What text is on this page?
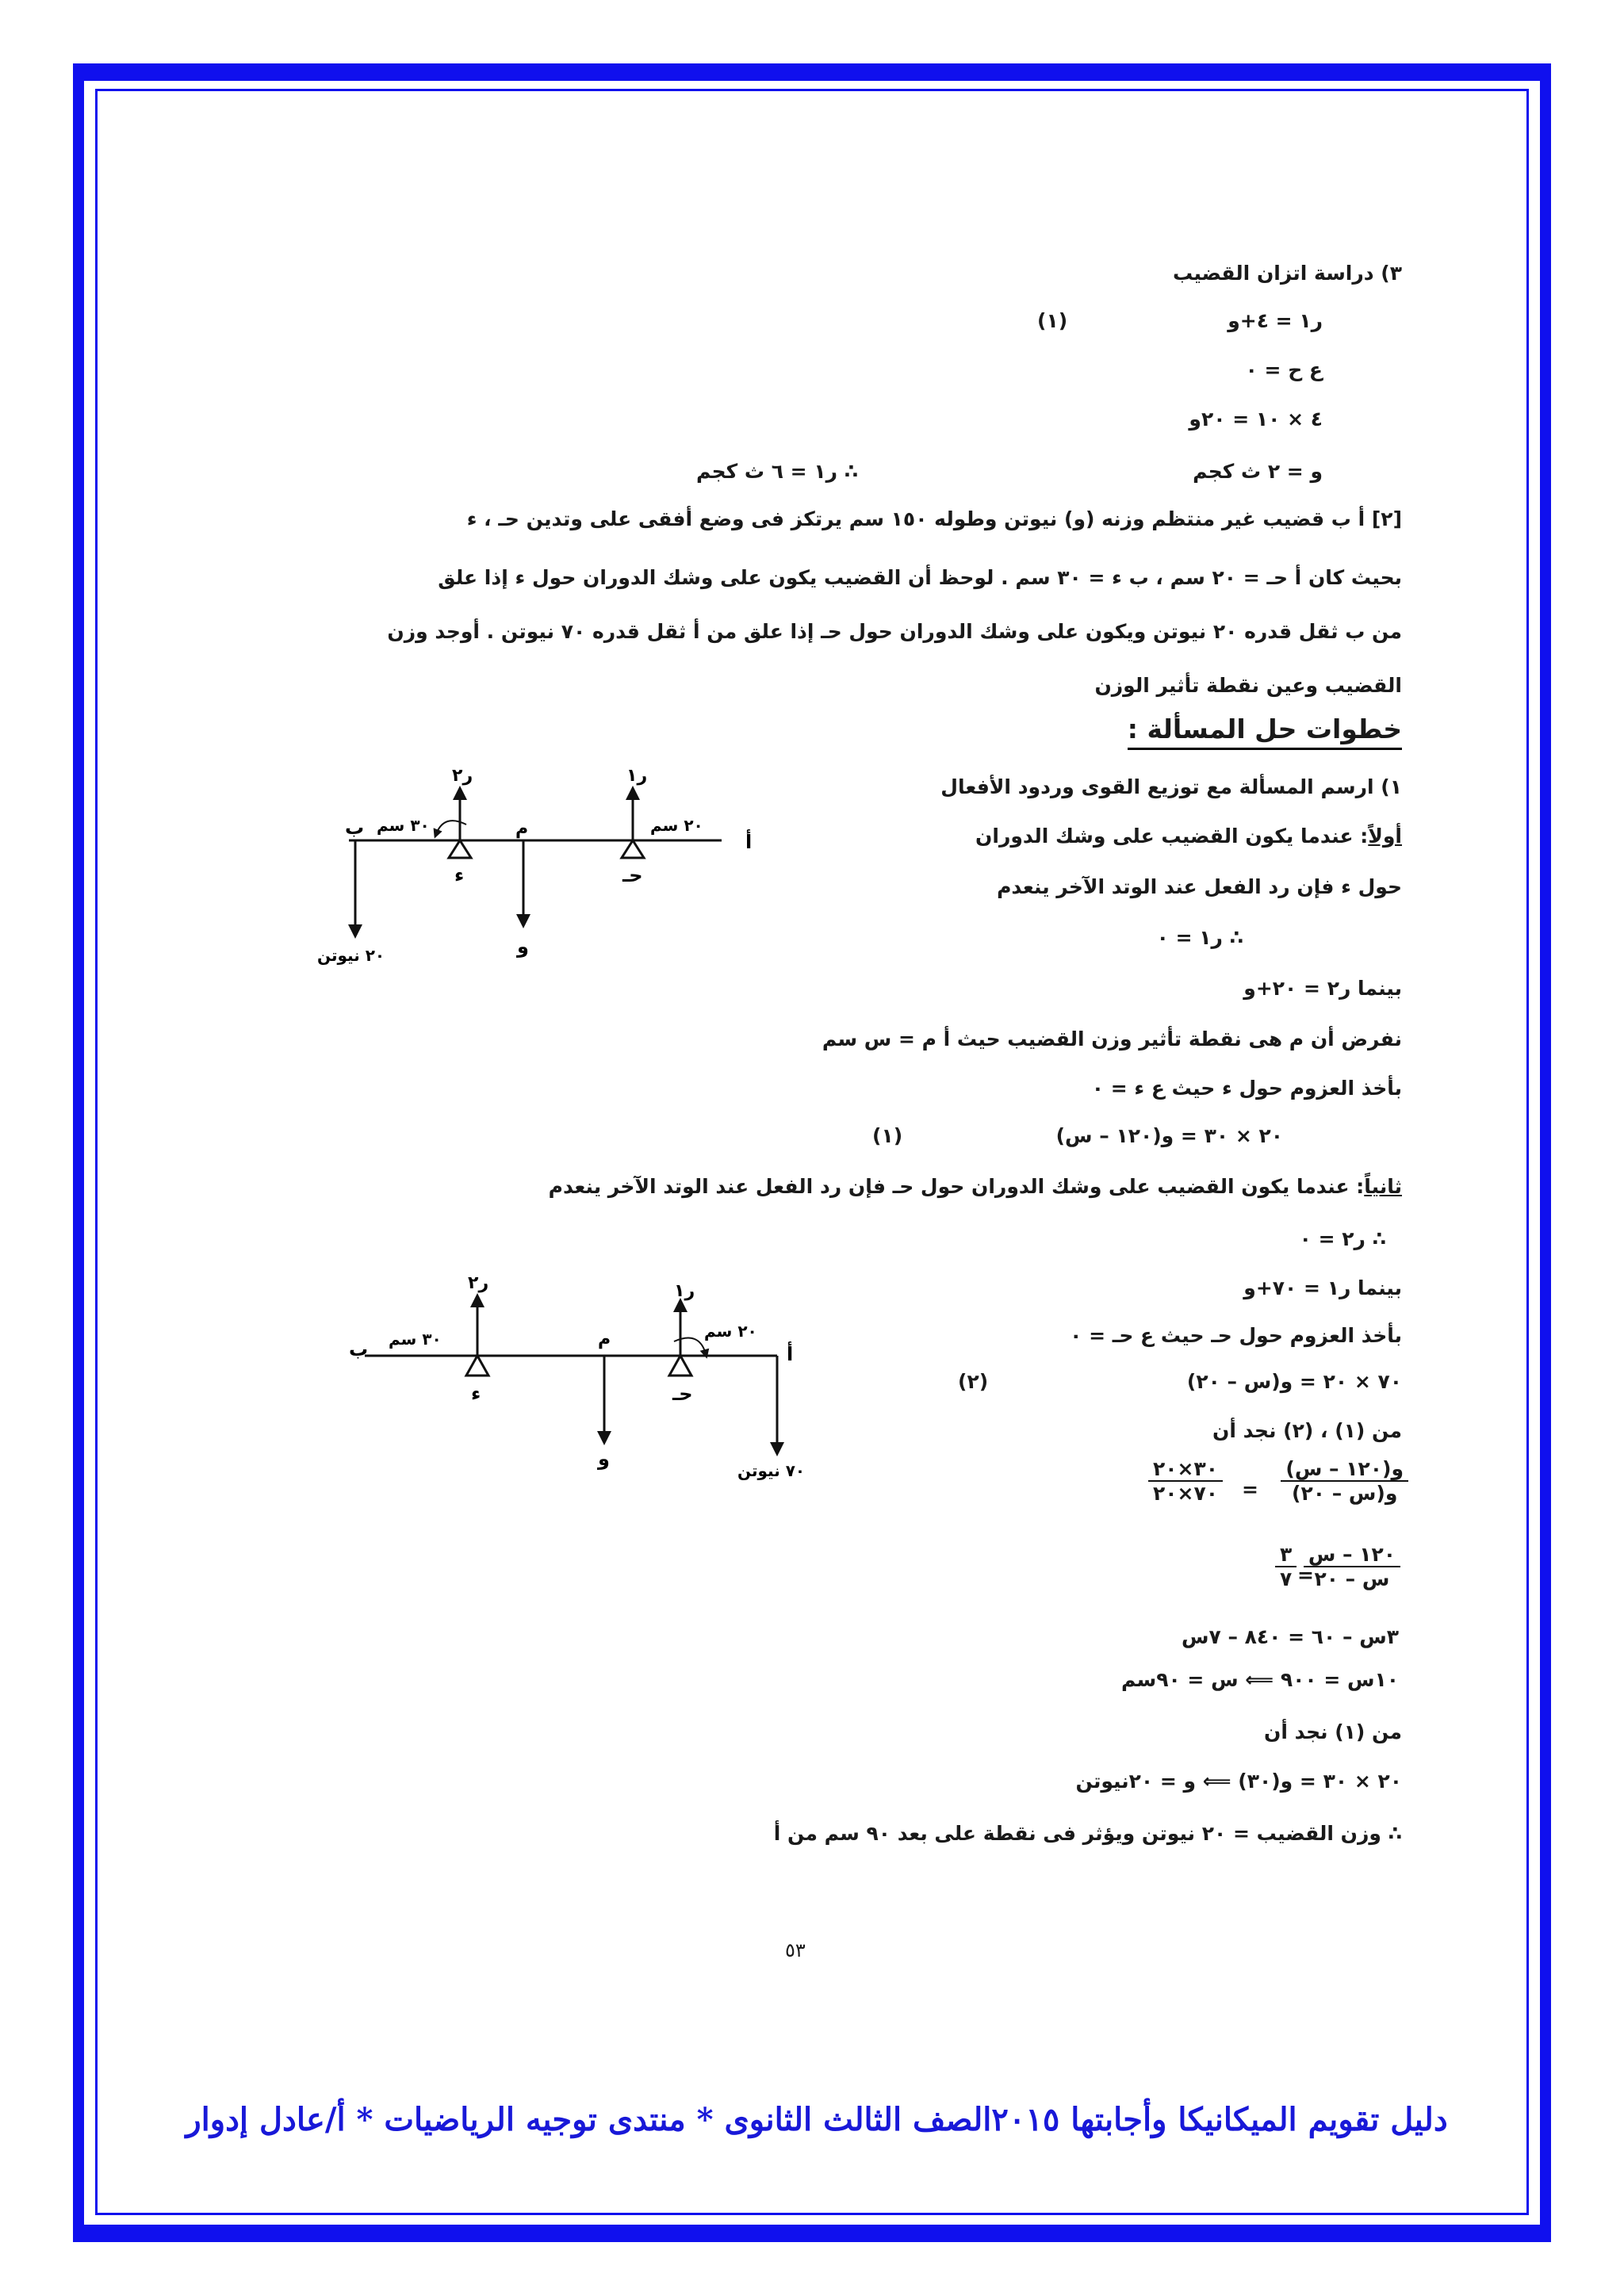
٣) دراسة اتزان القضيب
ر١ = ٤+و
(١)
ع ح = ٠
٤ × ١٠ = ٢٠و
و = ٢ ث كجم
∴ ر١ = ٦ ث كجم
[٢] أ ب قضيب غير منتظم وزنه (و) نيوتن وطوله ١٥٠ سم يرتكز فى وضع أفقى على وتدين حـ ، ء
بحيث كان أ حـ = ٢٠ سم ، ب ء = ٣٠ سم . لوحظ أن القضيب يكون على وشك الدوران حول ء إذا علق
من ب ثقل قدره ٢٠ نيوتن ويكون على وشك الدوران حول حـ إذا علق من أ ثقل قدره ٧٠ نيوتن . أوجد وزن
القضيب وعين نقطة تأثير الوزن
خطوات حل المسألة :
١) ارسم المسألة مع توزيع القوى وردود الأفعال
أولاً: عندما يكون القضيب على وشك الدوران
حول ء فإن رد الفعل عند الوتد الآخر ينعدم
∴ ر١ = ٠
بينما ر٢ = ٢٠+و
نفرض أن م هى نقطة تأثير وزن القضيب حيث أ م = س سم
بأخذ العزوم حول ء حيث ع ء = ٠
٢٠ × ٣٠ = و(١٢٠ – س)
(١)
ثانياً: عندما يكون القضيب على وشك الدوران حول حـ فإن رد الفعل عند الوتد الآخر ينعدم
∴ ر٢ = ٠
بينما ر١ = ٧٠+و
بأخذ العزوم حول حـ حيث ع حـ = ٠
٧٠ × ٢٠ = و(س – ٢٠)
(٢)
من (١) ، (٢) نجد أن
و(١٢٠ – س)
و(س – ٢٠)
=
٣٠×٢٠
٧٠×٢٠
١٢٠ – س
س – ٢٠
=
٣
٧
٣س – ٦٠ = ٨٤٠ – ٧س
١٠س = ٩٠٠ ⟸ س = ٩٠سم
من (١) نجد أن
٢٠ × ٣٠ = و(٣٠) ⟸ و = ٢٠نيوتن
∴ وزن القضيب = ٢٠ نيوتن ويؤثر فى نقطة على بعد ٩٠ سم من أ
ر٢	ر١
م
٣٠ سم	٢٠ سم
ب
أ
ء	حـ
و
٢٠ نيوتن
ر٢	ر١
م
٣٠ سم	٢٠ سم
ب	أ
ء	حـ
و
٧٠ نيوتن
٥٣
دليل تقويم الميكانيكا وأجابتها ٢٠١٥الصف الثالث الثانوى * منتدى توجيه الرياضيات * أ/عادل إدوار
